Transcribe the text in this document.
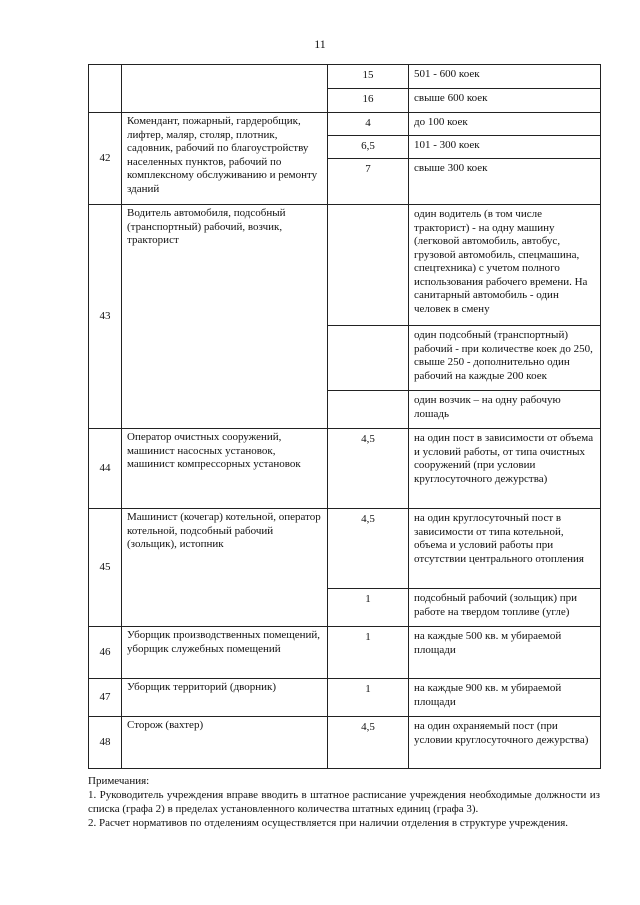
11
		15	501 - 600 коек
		16	свыше 600 коек
42	Комендант, пожарный, гардеробщик, лифтер, маляр, столяр, плотник, садовник, рабочий по благоустройству населенных пунктов, рабочий по комплексному обслуживанию и ремонту зданий	4	до 100 коек
		6,5	101 - 300 коек
		7	свыше 300 коек
43	Водитель автомобиля, подсобный (транспортный) рабочий, возчик, тракторист		один водитель (в том числе тракторист) - на одну машину (легковой автомобиль, автобус, грузовой автомобиль, спецмашина, спецтехника) с учетом полного использования рабочего времени. На санитарный автомобиль - один человек в смену
			один подсобный (транспортный) рабочий - при количестве коек до 250, свыше 250 - дополнительно один рабочий на каждые 200 коек
			один возчик – на одну рабочую лошадь
44	Оператор очистных сооружений, машинист насосных установок, машинист компрессорных установок	4,5	на один пост в зависимости от объема и условий работы, от типа очистных сооружений (при условии круглосуточного дежурства)
45	Машинист (кочегар) котельной, оператор котельной, подсобный рабочий (зольщик), истопник	4,5	на один круглосуточный пост в зависимости от типа котельной, объема и условий работы при отсутствии центрального отопления
		1	подсобный рабочий (зольщик) при работе на твердом топливе (угле)
46	Уборщик производственных помещений, уборщик служебных помещений	1	на каждые 500 кв. м убираемой площади
47	Уборщик территорий (дворник)	1	на каждые 900 кв. м убираемой площади
48	Сторож (вахтер)	4,5	на один охраняемый пост (при условии круглосуточного дежурства)

Примечания:

1. Руководитель учреждения вправе вводить в штатное расписание учреждения необходимые должности из списка (графа 2) в пределах установленного количества штатных единиц (графа 3).

2. Расчет нормативов по отделениям осуществляется при наличии отделения в структуре учреждения.
